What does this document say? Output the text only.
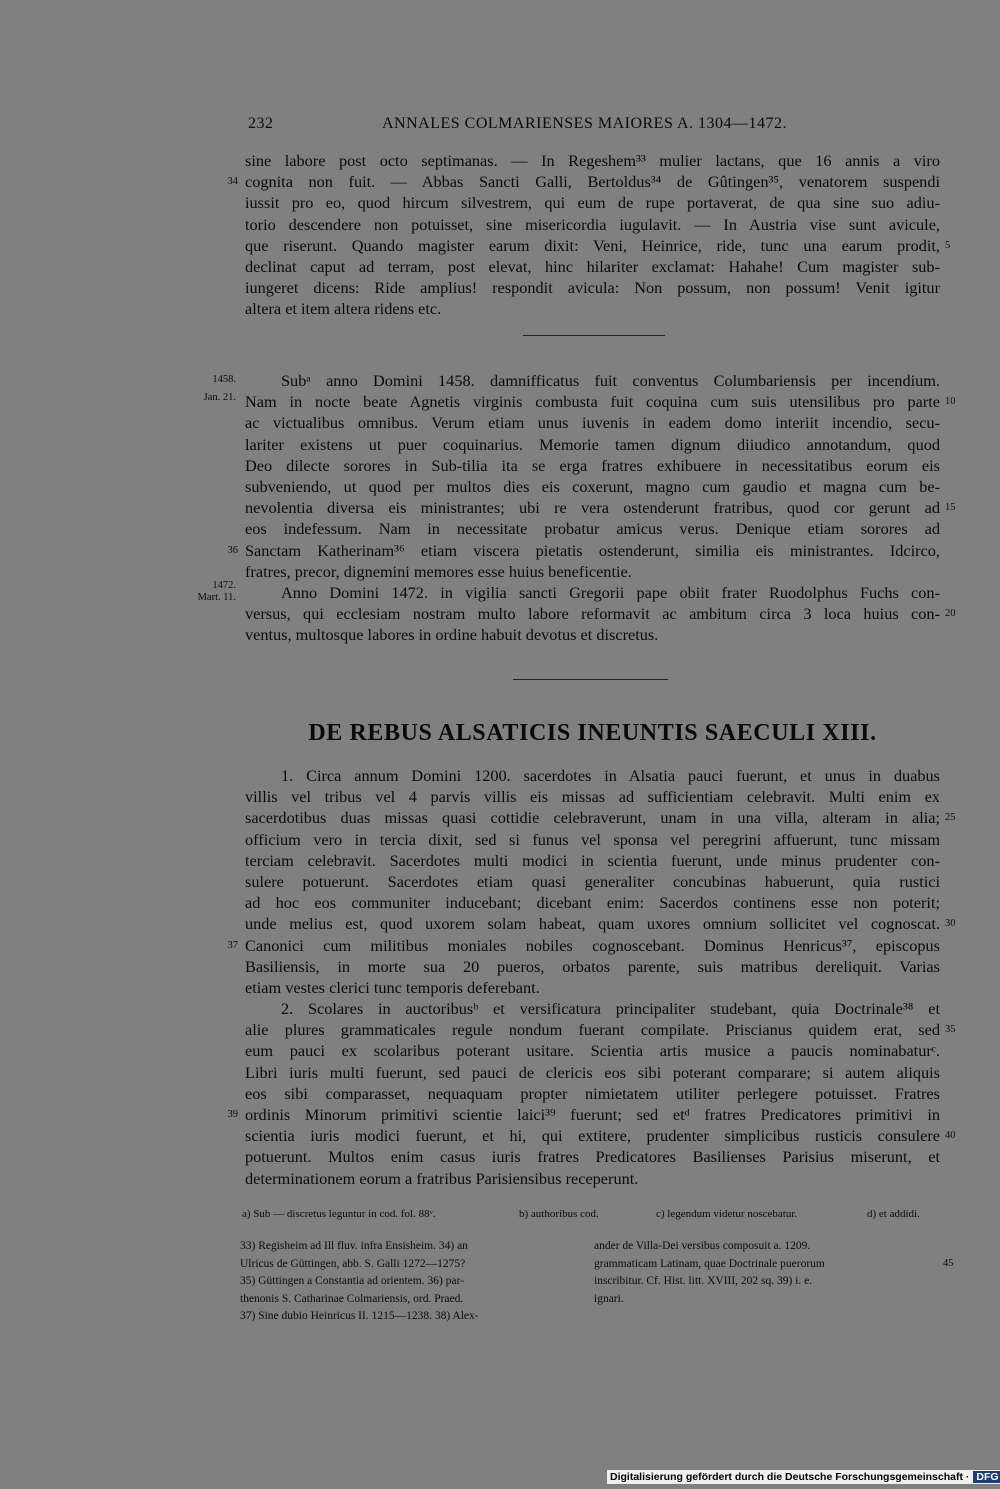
232	ANNALES COLMARIENSES MAIORES A. 1304—1472.
sine labore post octo septimanas. — In Regeshem³³ mulier lactans, que 16 annis a viro
cognita non fuit. — Abbas Sancti Galli, Bertoldus³⁴ de Gûtingen³⁵, venatorem suspendi
34
iussit pro eo, quod hircum silvestrem, qui eum de rupe portaverat, de qua sine suo adiu-
torio descendere non potuisset, sine misericordia iugulavit. — In Austria vise sunt avicule,
que riserunt. Quando magister earum dixit: Veni, Heinrice, ride, tunc una earum prodit, 5
declinat caput ad terram, post elevat, hinc hilariter exclamat: Hahahe! Cum magister sub-
iungeret dicens: Ride amplius! respondit avicula: Non possum, non possum! Venit igitur
altera et item altera ridens etc.
1458.
Jan. 21.
1472.
Mart. 11.
Subᵃ anno Domini 1458. damnifficatus fuit conventus Columbariensis per incendium.
Nam in nocte beate Agnetis virginis combusta fuit coquina cum suis utensilibus pro parte 10
ac victualibus omnibus. Verum etiam unus iuvenis in eadem domo interiit incendio, secu-
lariter existens ut puer coquinarius. Memorie tamen dignum diiudico annotandum, quod
Deo dilecte sorores in Sub-tilia ita se erga fratres exhibuere in necessitatibus eorum eis
subveniendo, ut quod per multos dies eis coxerunt, magno cum gaudio et magna cum be-
nevolentia diversa eis ministrantes; ubi re vera ostenderunt fratribus, quod cor gerunt ad 15
eos indefessum. Nam in necessitate probatur amicus verus. Denique etiam sorores ad
Sanctam Katherinam³⁶ etiam viscera pietatis ostenderunt, similia eis ministrantes. Idcirco,
36
fratres, precor, dignemini memores esse huius beneficentie.
Anno Domini 1472. in vigilia sancti Gregorii pape obiit frater Ruodolphus Fuchs con-
versus, qui ecclesiam nostram multo labore reformavit ac ambitum circa 3 loca huius con- 20
ventus, multosque labores in ordine habuit devotus et discretus.
DE REBUS ALSATICIS INEUNTIS SAECULI XIII.
1. Circa annum Domini 1200. sacerdotes in Alsatia pauci fuerunt, et unus in duabus
villis vel tribus vel 4 parvis villis eis missas ad sufficientiam celebravit. Multi enim ex
sacerdotibus duas missas quasi cottidie celebraverunt, unam in una villa, alteram in alia; 25
officium vero in tercia dixit, sed si funus vel sponsa vel peregrini affuerunt, tunc missam
terciam celebravit. Sacerdotes multi modici in scientia fuerunt, unde minus prudenter con-
sulere potuerunt. Sacerdotes etiam quasi generaliter concubinas habuerunt, quia rustici
ad hoc eos communiter inducebant; dicebant enim: Sacerdos continens esse non poterit;
unde melius est, quod uxorem solam habeat, quam uxores omnium sollicitet vel cognoscat. 30
Canonici cum militibus moniales nobiles cognoscebant. Dominus Henricus³⁷, episcopus
37
Basiliensis, in morte sua 20 pueros, orbatos parente, suis matribus dereliquit. Varias
etiam vestes clerici tunc temporis deferebant.
2. Scolares in auctoribusᵇ et versificatura principaliter studebant, quia Doctrinale³⁸ et
alie plures grammaticales regule nondum fuerant compilate. Priscianus quidem erat, sed 35
eum pauci ex scolaribus poterant usitare. Scientia artis musice a paucis nominabaturᶜ.
Libri iuris multi fuerunt, sed pauci de clericis eos sibi poterant comparare; si autem aliquis
eos sibi comparasset, nequaquam propter nimietatem utiliter perlegere potuisset. Fratres
ordinis Minorum primitivi scientie laici³⁹ fuerunt; sed etᵈ fratres Predicatores primitivi in
39
scientia iuris modici fuerunt, et hi, qui extitere, prudenter simplicibus rusticis consulere 40
potuerunt. Multos enim casus iuris fratres Predicatores Basilienses Parisius miserunt, et
determinationem eorum a fratribus Parisiensibus receperunt.
a) Sub — discretus leguntur in cod. fol. 88ᵛ.	b) authoribus cod.	c) legendum videtur noscebatur.	d) et addidi.
33) Regisheim ad Ill fluv. infra Ensisheim. 34) an
Ulricus de Güttingen, abb. S. Galli 1272—1275?
35) Güttingen a Constantia ad orientem. 36) par-
thenonis S. Catharinae Colmariensis, ord. Praed.
37) Sine dubio Heinricus II. 1215—1238. 38) Alex-
ander de Villa-Dei versibus composuit a. 1209.
grammaticam Latinam, quae Doctrinale puerorum
inscribitur. Cf. Hist. litt. XVIII, 202 sq. 39) i. e.
ignari.
45
Digitalisierung gefördert durch die Deutsche Forschungsgemeinschaft · DFG
